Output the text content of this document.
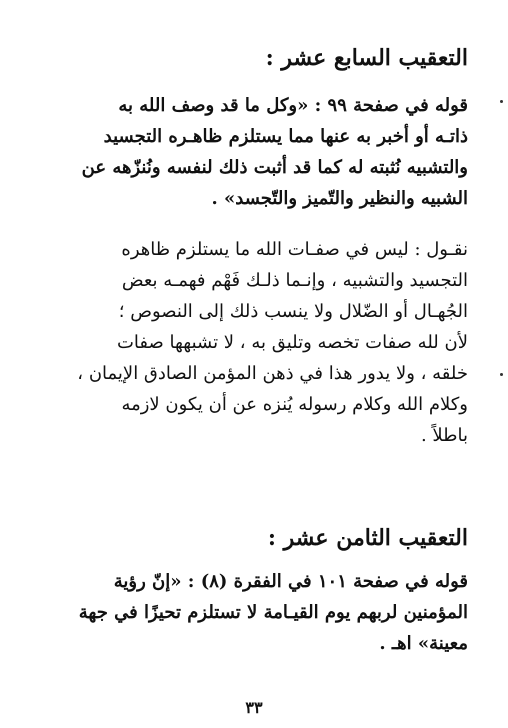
التعقيب السابع عشر :
قوله في صفحة ٩٩ : «وكل ما قد وصف الله به
ذاتـه أو أخبر به عنها مما يستلزم ظاهـره التجسيد
والتشبيه نُثبته له كما قد أثبت ذلك لنفسه ونُنزّهه عن
الشبيه والنظير والتّميز والتّجسد» .
نقـول : ليس في صفـات الله ما يستلزم ظاهره
التجسيد والتشبيه ، وإنـما ذلـك فَهْم فهمـه بعض
الجُهـال أو الضّلال ولا ينسب ذلك إلى النصوص ؛
لأن لله صفات تخصه وتليق به ، لا تشبهها صفات
خلقه ، ولا يدور هذا في ذهن المؤمن الصادق الإيمان ،
وكلام الله وكلام رسوله يُنزه عن أن يكون لازمه
باطلاً .
التعقيب الثامن عشر :
قوله في صفحة ١٠١ في الفقرة (٨) : «إنّ رؤية
المؤمنين لربهم يوم القيـامة لا تستلزم تحيزًا في جهة
معينة» اهـ .
٣٣
